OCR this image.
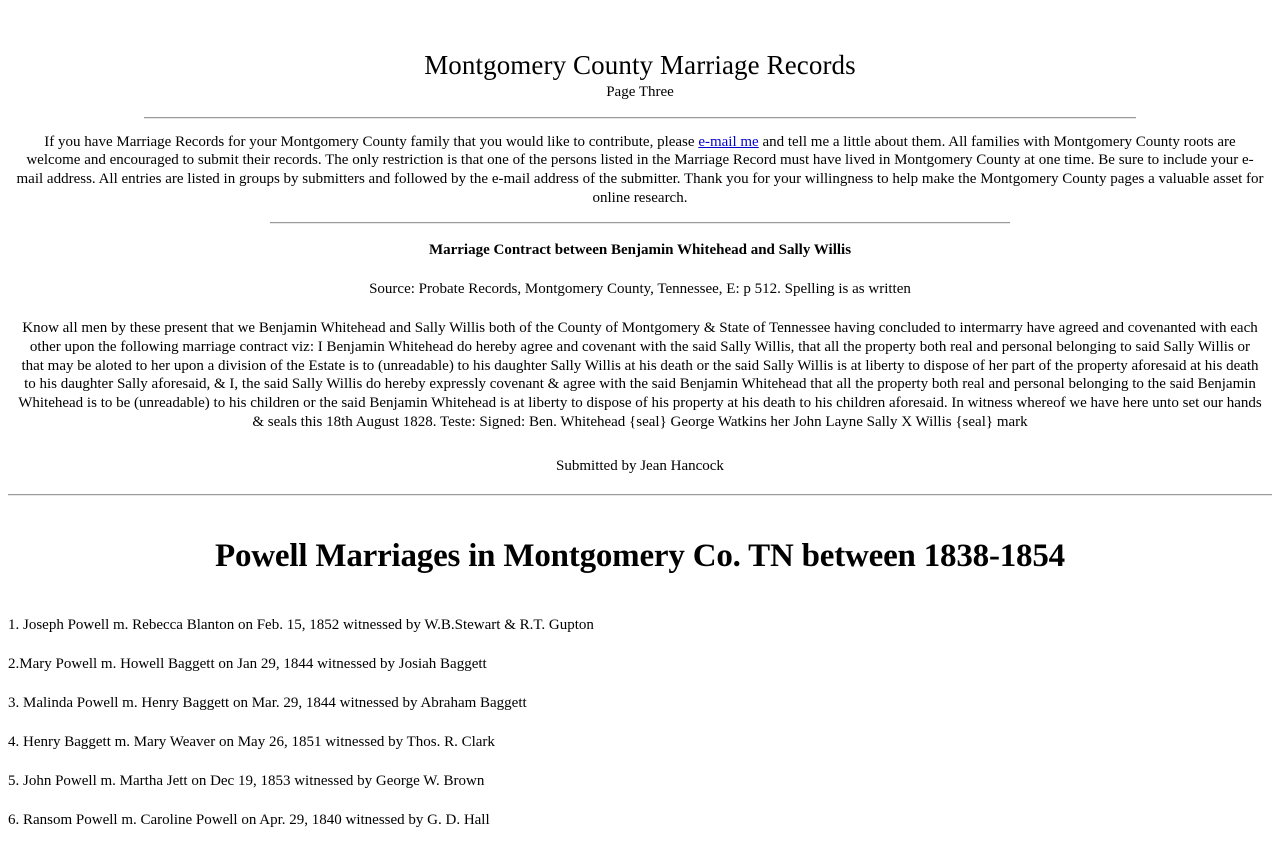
Montgomery County Marriage Records
Page Three

If you have Marriage Records for your Montgomery County family that you would like to contribute, please e-mail me and tell me a little about them. All families with Montgomery County roots are welcome and encouraged to submit their records. The only restriction is that one of the persons listed in the Marriage Record must have lived in Montgomery County at one time. Be sure to include your e-mail address. All entries are listed in groups by submitters and followed by the e-mail address of the submitter. Thank you for your willingness to help make the Montgomery County pages a valuable asset for online research.

Marriage Contract between Benjamin Whitehead and Sally Willis

Source: Probate Records, Montgomery County, Tennessee, E: p 512. Spelling is as written

Know all men by these present that we Benjamin Whitehead and Sally Willis both of the County of Montgomery & State of Tennessee having concluded to intermarry have agreed and covenanted with each other upon the following marriage contract viz: I Benjamin Whitehead do hereby agree and covenant with the said Sally Willis, that all the property both real and personal belonging to said Sally Willis or that may be aloted to her upon a division of the Estate is to (unreadable) to his daughter Sally Willis at his death or the said Sally Willis is at liberty to dispose of her part of the property aforesaid at his death to his daughter Sally aforesaid, & I, the said Sally Willis do hereby expressly covenant & agree with the said Benjamin Whitehead that all the property both real and personal belonging to the said Benjamin Whitehead is to be (unreadable) to his children or the said Benjamin Whitehead is at liberty to dispose of his property at his death to his children aforesaid. In witness whereof we have here unto set our hands & seals this 18th August 1828. Teste: Signed: Ben. Whitehead {seal} George Watkins her John Layne Sally X Willis {seal} mark

Submitted by Jean Hancock

Powell Marriages in Montgomery Co. TN between 1838-1854
1. Joseph Powell m. Rebecca Blanton on Feb. 15, 1852 witnessed by W.B.Stewart & R.T. Gupton
2.Mary Powell m. Howell Baggett on Jan 29, 1844 witnessed by Josiah Baggett
3. Malinda Powell m. Henry Baggett on Mar. 29, 1844 witnessed by Abraham Baggett
4. Henry Baggett m. Mary Weaver on May 26, 1851 witnessed by Thos. R. Clark
5. John Powell m. Martha Jett on Dec 19, 1853 witnessed by George W. Brown
6. Ransom Powell m. Caroline Powell on Apr. 29, 1840 witnessed by G. D. Hall
